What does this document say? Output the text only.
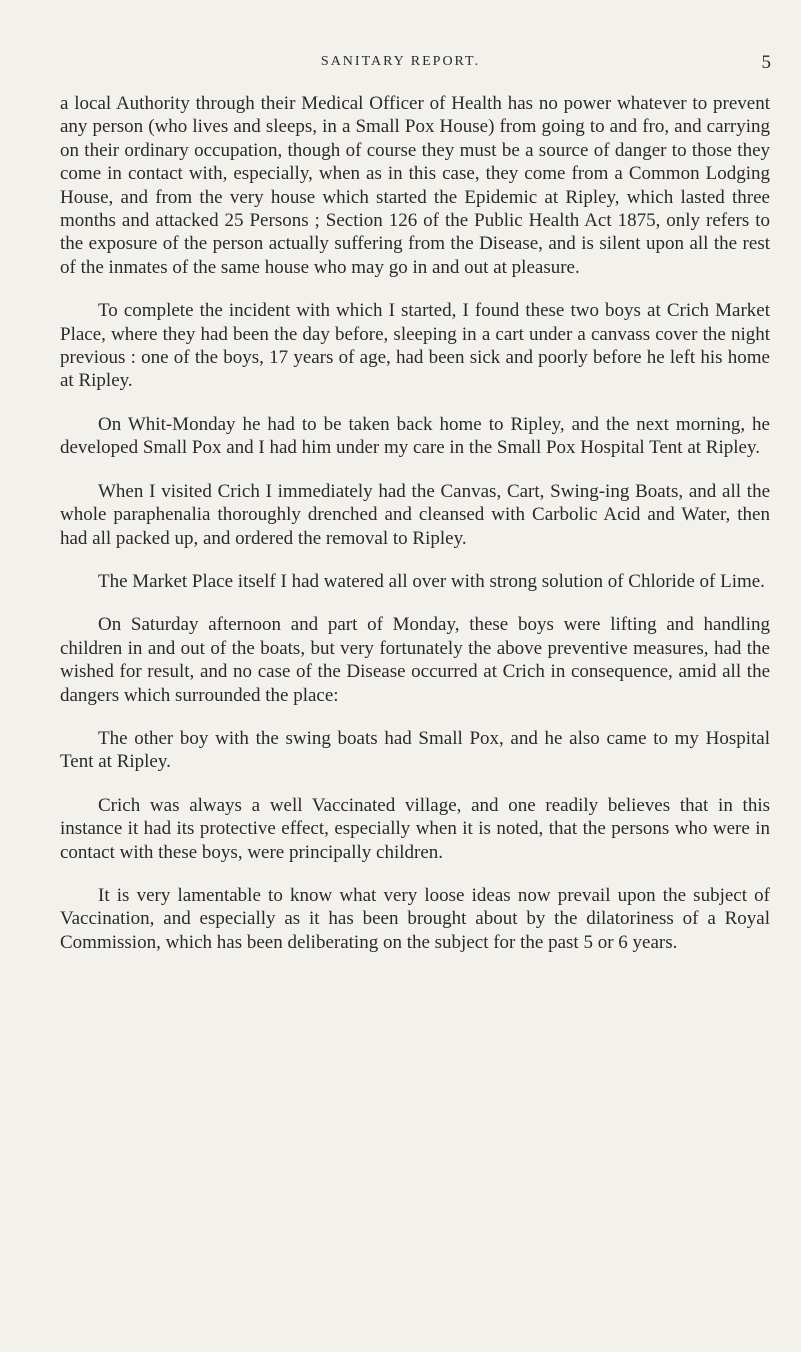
SANITARY REPORT.	5

a local Authority through their Medical Officer of Health has no power whatever to prevent any person (who lives and sleeps, in a Small Pox House) from going to and fro, and carrying on their ordinary occupation, though of course they must be a source of danger to those they come in contact with, especially, when as in this case, they come from a Common Lodging House, and from the very house which started the Epidemic at Ripley, which lasted three months and attacked 25 Persons ; Section 126 of the Public Health Act 1875, only refers to the exposure of the person actually suffering from the Disease, and is silent upon all the rest of the inmates of the same house who may go in and out at pleasure.

To complete the incident with which I started, I found these two boys at Crich Market Place, where they had been the day before, sleeping in a cart under a canvass cover the night previous : one of the boys, 17 years of age, had been sick and poorly before he left his home at Ripley.

On Whit-Monday he had to be taken back home to Ripley, and the next morning, he developed Small Pox and I had him under my care in the Small Pox Hospital Tent at Ripley.

When I visited Crich I immediately had the Canvas, Cart, Swing-ing Boats, and all the whole paraphenalia thoroughly drenched and cleansed with Carbolic Acid and Water, then had all packed up, and ordered the removal to Ripley.

The Market Place itself I had watered all over with strong solution of Chloride of Lime.

On Saturday afternoon and part of Monday, these boys were lifting and handling children in and out of the boats, but very fortunately the above preventive measures, had the wished for result, and no case of the Disease occurred at Crich in consequence, amid all the dangers which surrounded the place:

The other boy with the swing boats had Small Pox, and he also came to my Hospital Tent at Ripley.

Crich was always a well Vaccinated village, and one readily believes that in this instance it had its protective effect, especially when it is noted, that the persons who were in contact with these boys, were principally children.

It is very lamentable to know what very loose ideas now prevail upon the subject of Vaccination, and especially as it has been brought about by the dilatoriness of a Royal Commission, which has been deliberating on the subject for the past 5 or 6 years.
